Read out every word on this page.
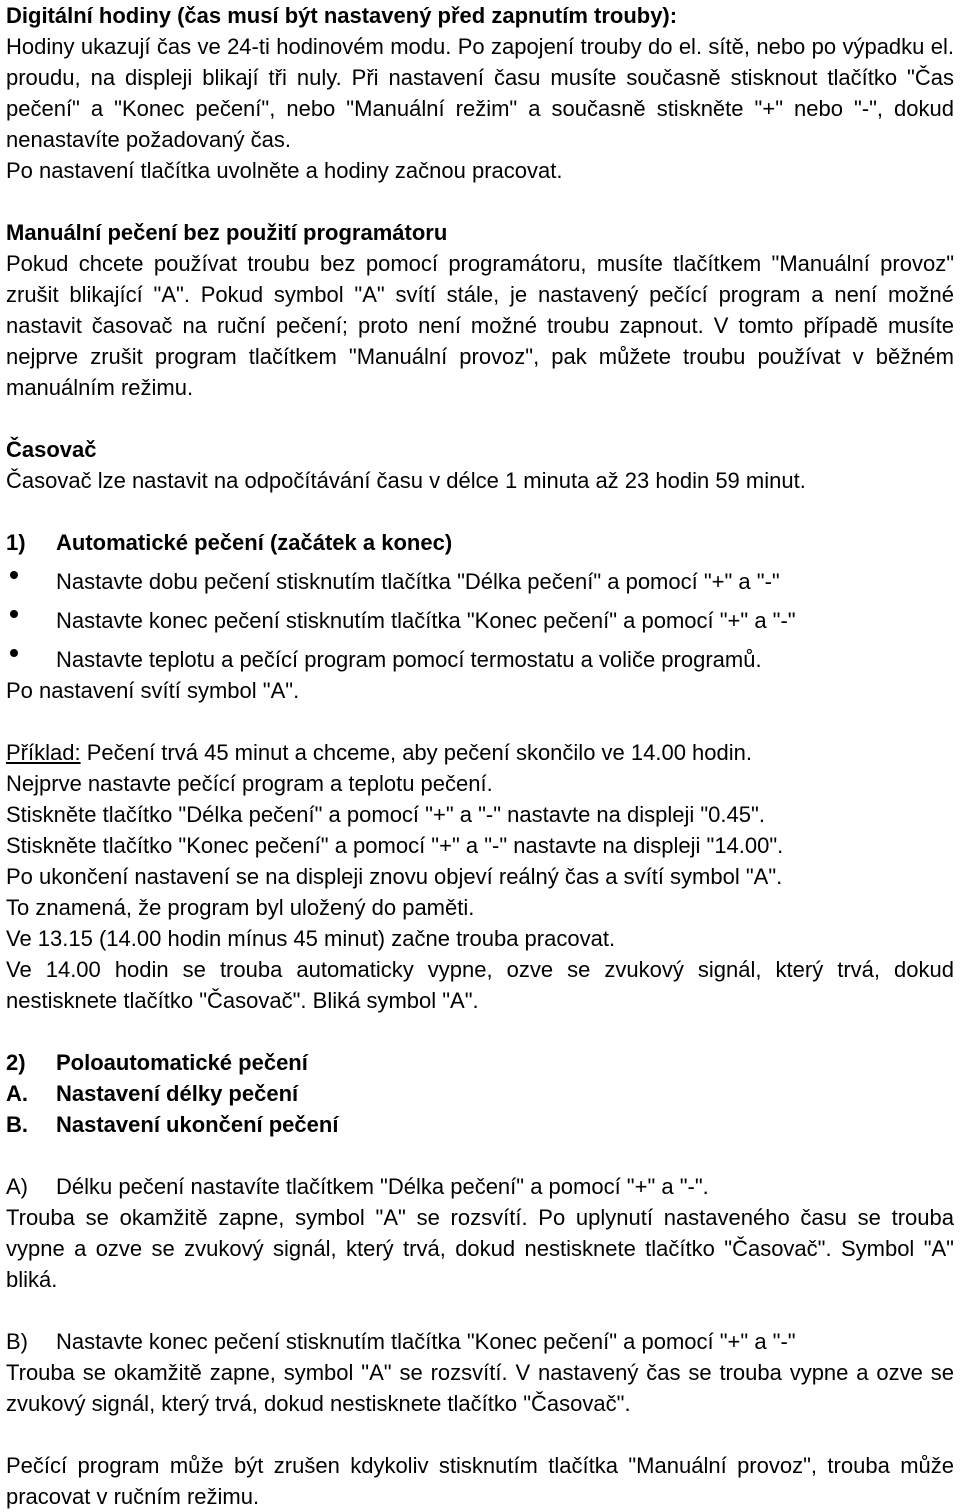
Digitální hodiny (čas musí být nastavený před zapnutím trouby):

Hodiny ukazují čas ve 24-ti hodinovém modu. Po zapojení trouby do el. sítě, nebo po výpadku el. proudu, na displeji blikají tři nuly. Při nastavení času musíte současně stisknout tlačítko "Čas pečení" a "Konec pečení", nebo "Manuální režim" a současně stiskněte "+" nebo "-", dokud nenastavíte požadovaný čas.

Po nastavení tlačítka uvolněte a hodiny začnou pracovat.

Manuální pečení bez použití programátoru

Pokud chcete používat troubu bez pomocí programátoru, musíte tlačítkem "Manuální provoz" zrušit blikající "A". Pokud symbol "A" svítí stále, je nastavený pečící program a není možné nastavit časovač na ruční pečení; proto není možné troubu zapnout. V tomto případě musíte nejprve zrušit program tlačítkem "Manuální provoz", pak můžete troubu používat v běžném manuálním režimu.

Časovač

Časovač lze nastavit na odpočítávání času v délce 1 minuta až 23 hodin 59 minut.

1)	Automatické pečení (začátek a konec)
Nastavte dobu pečení stisknutím tlačítka "Délka pečení" a pomocí "+" a "-"
Nastavte konec pečení stisknutím tlačítka "Konec pečení" a pomocí "+" a "-"
Nastavte teplotu a pečící program pomocí termostatu a voliče programů.

Po nastavení svítí symbol "A".

Příklad: Pečení trvá 45 minut a chceme, aby pečení skončilo ve 14.00 hodin.

Nejprve nastavte pečící program a teplotu pečení.

Stiskněte tlačítko "Délka pečení" a pomocí "+" a "-" nastavte na displeji "0.45".

Stiskněte tlačítko "Konec pečení" a pomocí "+" a "-" nastavte na displeji "14.00".

Po ukončení nastavení se na displeji znovu objeví reálný čas a svítí symbol "A".

To znamená, že program byl uložený do paměti.

Ve 13.15 (14.00 hodin mínus 45 minut) začne trouba pracovat.

Ve 14.00 hodin se trouba automaticky vypne, ozve se zvukový signál, který trvá, dokud nestisknete tlačítko "Časovač". Bliká symbol "A".

2)	Poloautomatické pečení
A.	Nastavení délky pečení
B.	Nastavení ukončení pečení
A)	Délku pečení nastavíte tlačítkem "Délka pečení" a pomocí "+" a "-".

Trouba se okamžitě zapne, symbol "A" se rozsvítí. Po uplynutí nastaveného času se trouba vypne a ozve se zvukový signál, který trvá, dokud nestisknete tlačítko "Časovač". Symbol "A" bliká.

B)	Nastavte konec pečení stisknutím tlačítka "Konec pečení" a pomocí "+" a "-"

Trouba se okamžitě zapne, symbol "A" se rozsvítí. V nastavený čas se trouba vypne a ozve se zvukový signál, který trvá, dokud nestisknete tlačítko "Časovač".

Pečící program může být zrušen kdykoliv stisknutím tlačítka "Manuální provoz", trouba může pracovat v ručním režimu.
